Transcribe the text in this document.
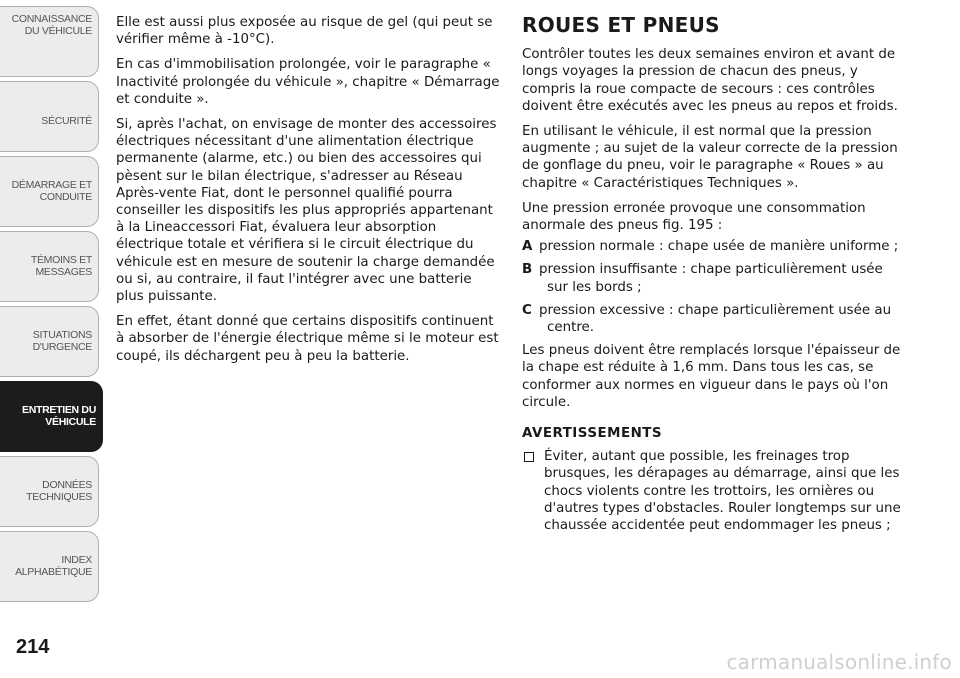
CONNAISSANCE
DU VÉHICULE
SÉCURITÉ
DÉMARRAGE ET
CONDUITE
TÉMOINS ET
MESSAGES
SITUATIONS
D'URGENCE
ENTRETIEN DU
VÉHICULE
DONNÉES
TECHNIQUES
INDEX
ALPHABÉTIQUE
214

Elle est aussi plus exposée au risque de gel (qui peut se vérifier même à -10°C).

En cas d'immobilisation prolongée, voir le paragraphe « Inactivité prolongée du véhicule », chapitre « Démarrage et conduite ».

Si, après l'achat, on envisage de monter des accessoires électriques nécessitant d'une alimentation électrique permanente (alarme, etc.) ou bien des accessoires qui pèsent sur le bilan électrique, s'adresser au Réseau Après-vente Fiat, dont le personnel qualifié pourra conseiller les dispositifs les plus appropriés appartenant à la Lineaccessori Fiat, évaluera leur absorption électrique totale et vérifiera si le circuit électrique du véhicule est en mesure de soutenir la charge demandée ou si, au contraire, il faut l'intégrer avec une batterie plus puissante.

En effet, étant donné que certains dispositifs continuent à absorber de l'énergie électrique même si le moteur est coupé, ils déchargent peu à peu la batterie.

ROUES ET PNEUS

Contrôler toutes les deux semaines environ et avant de longs voyages la pression de chacun des pneus, y compris la roue compacte de secours : ces contrôles doivent être exécutés avec les pneus au repos et froids.

En utilisant le véhicule, il est normal que la pression augmente ; au sujet de la valeur correcte de la pression de gonflage du pneu, voir le paragraphe « Roues » au chapitre « Caractéristiques Techniques ».

Une pression erronée provoque une consommation anormale des pneus fig. 195 :

A pression normale : chape usée de manière uniforme ;
B pression insuffisante : chape particulièrement usée
sur les bords ;
C pression excessive : chape particulièrement usée au
centre.

Les pneus doivent être remplacés lorsque l'épaisseur de la chape est réduite à 1,6 mm. Dans tous les cas, se conformer aux normes en vigueur dans le pays où l'on circule.

AVERTISSEMENTS
Éviter, autant que possible, les freinages trop brusques, les dérapages au démarrage, ainsi que les chocs violents contre les trottoirs, les ornières ou d'autres types d'obstacles. Rouler longtemps sur une chaussée accidentée peut endommager les pneus ;
carmanualsonline.info
